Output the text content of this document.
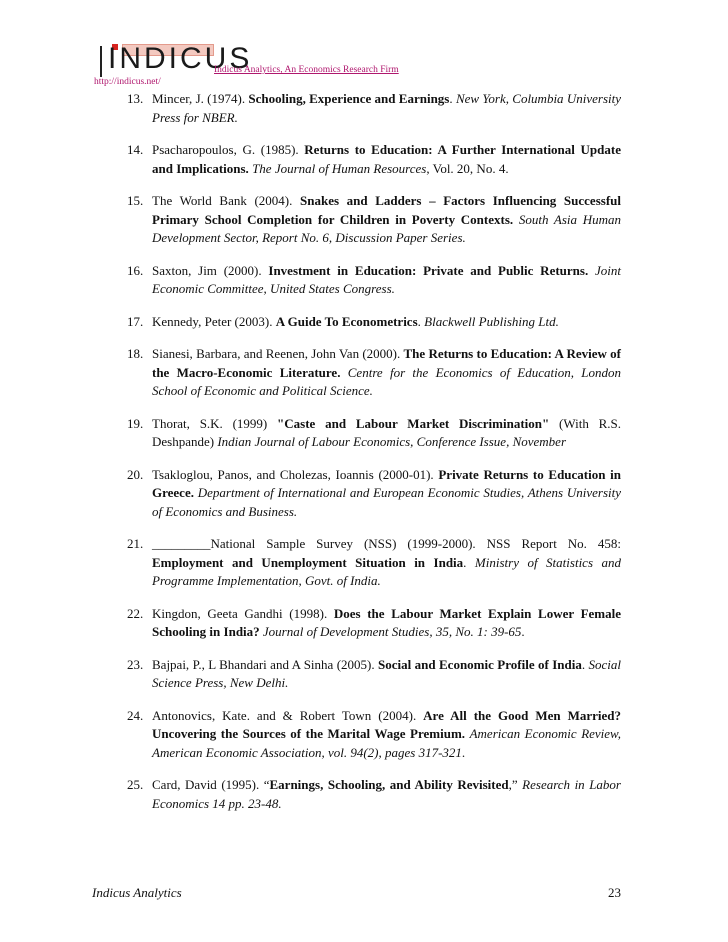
INDICUS
Indicus Analytics, An Economics Research Firm
http://indicus.net/
13. Mincer, J. (1974). Schooling, Experience and Earnings. New York, Columbia University Press for NBER.
14. Psacharopoulos, G. (1985). Returns to Education: A Further International Update and Implications. The Journal of Human Resources, Vol. 20, No. 4.
15. The World Bank (2004). Snakes and Ladders – Factors Influencing Successful Primary School Completion for Children in Poverty Contexts. South Asia Human Development Sector, Report No. 6, Discussion Paper Series.
16. Saxton, Jim (2000). Investment in Education: Private and Public Returns. Joint Economic Committee, United States Congress.
17. Kennedy, Peter (2003). A Guide To Econometrics. Blackwell Publishing Ltd.
18. Sianesi, Barbara, and Reenen, John Van (2000). The Returns to Education: A Review of the Macro-Economic Literature. Centre for the Economics of Education, London School of Economic and Political Science.
19. Thorat, S.K. (1999) "Caste and Labour Market Discrimination" (With R.S. Deshpande) Indian Journal of Labour Economics, Conference Issue, November
20. Tsakloglou, Panos, and Cholezas, Ioannis (2000-01). Private Returns to Education in Greece. Department of International and European Economic Studies, Athens University of Economics and Business.
21. _________National Sample Survey (NSS) (1999-2000). NSS Report No. 458: Employment and Unemployment Situation in India. Ministry of Statistics and Programme Implementation, Govt. of India.
22. Kingdon, Geeta Gandhi (1998). Does the Labour Market Explain Lower Female Schooling in India? Journal of Development Studies, 35, No. 1: 39-65.
23. Bajpai, P., L Bhandari and A Sinha (2005). Social and Economic Profile of India. Social Science Press, New Delhi.
24. Antonovics, Kate. and & Robert Town (2004). Are All the Good Men Married? Uncovering the Sources of the Marital Wage Premium. American Economic Review, American Economic Association, vol. 94(2), pages 317-321.
25. Card, David (1995). “Earnings, Schooling, and Ability Revisited,” Research in Labor Economics 14 pp. 23-48.
Indicus Analytics	23
